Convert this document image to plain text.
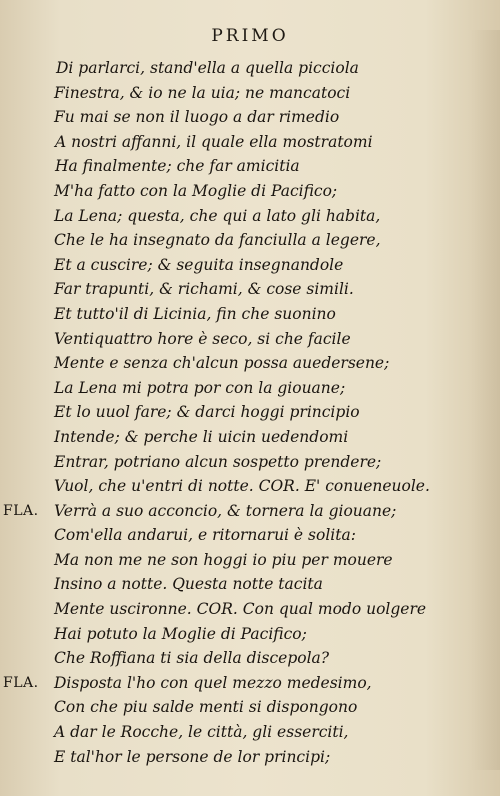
PRIMO
Di parlarci, stand'ella a quella picciola
Finestra, & io ne la uia; ne mancatoci
Fu mai se non il luogo a dar rimedio
A nostri affanni, il quale ella mostratomi
Ha finalmente; che far amicitia
M'ha fatto con la Moglie di Pacifico;
La Lena; questa, che qui a lato gli habita,
Che le ha insegnato da fanciulla a legere,
Et a cuscire; & seguita insegnandole
Far trapunti, & richami, & cose simili.
Et tutto'il di Licinia, fin che suonino
Ventiquattro hore è seco, si che facile
Mente e senza ch'alcun possa auedersene;
La Lena mi potra por con la giouane;
Et lo uuol fare; & darci hoggi principio
Intende; & perche li uicin uedendomi
Entrar, potriano alcun sospetto prendere;
Vuol, che u'entri di notte. COR. E' conueneuole.
FLA. Verrà a suo acconcio, & tornera la giouane;
Com'ella andarui, e ritornarui è solita:
Ma non me ne son hoggi io piu per mouere
Insino a notte. Questa notte tacita
Mente uscironne. COR. Con qual modo uolgere
Hai potuto la Moglie di Pacifico;
Che Roffiana ti sia della discepola?
FLA. Disposta l'ho con quel mezzo medesimo,
Con che piu salde menti si dispongono
A dar le Rocche, le città, gli esserciti,
E tal'hor le persone de lor principi;
